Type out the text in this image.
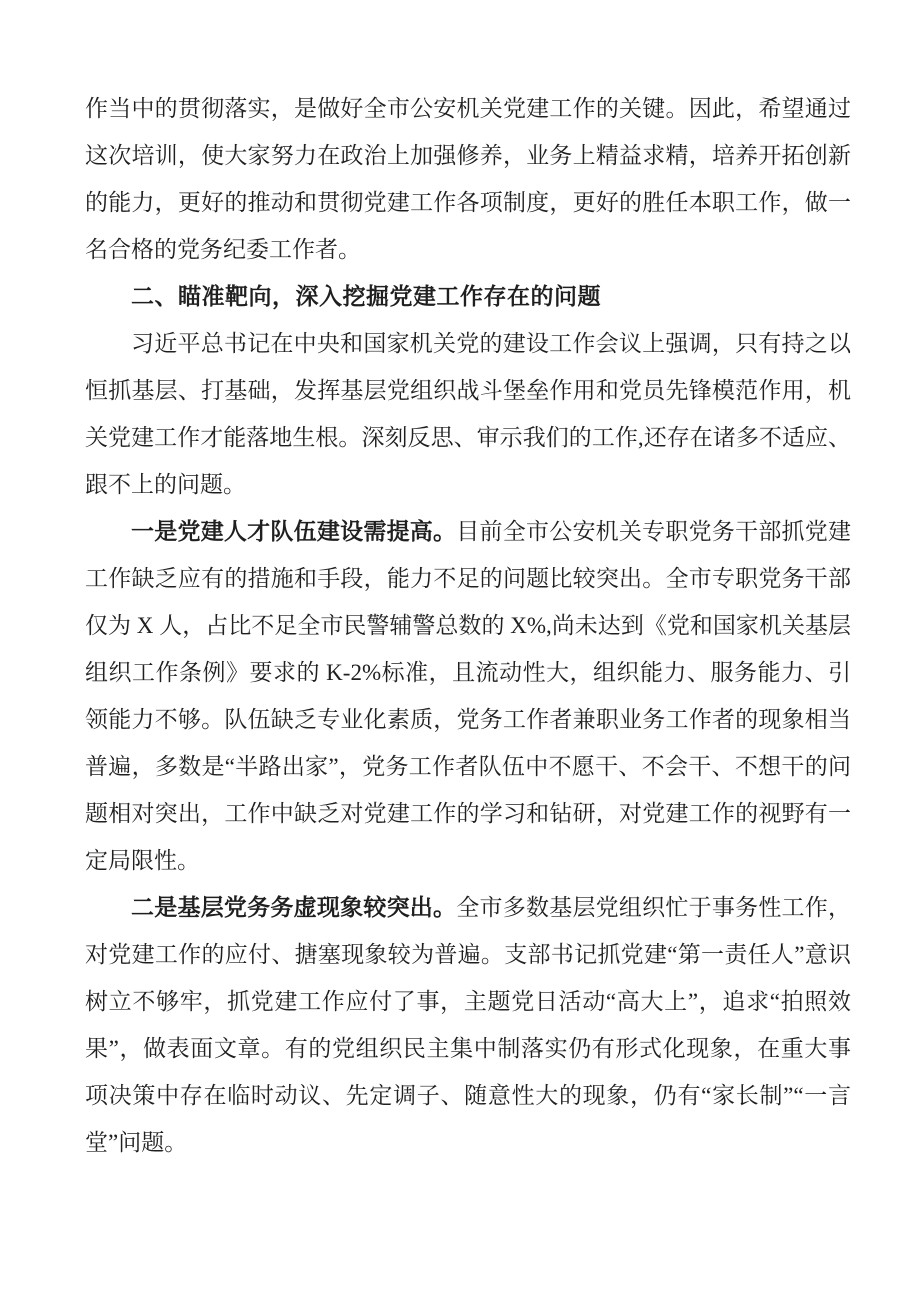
作当中的贯彻落实，是做好全市公安机关党建工作的关键。因此，希望通过这次培训，使大家努力在政治上加强修养，业务上精益求精，培养开拓创新的能力，更好的推动和贯彻党建工作各项制度，更好的胜任本职工作，做一名合格的党务纪委工作者。

二、瞄准靶向，深入挖掘党建工作存在的问题

习近平总书记在中央和国家机关党的建设工作会议上强调，只有持之以恒抓基层、打基础，发挥基层党组织战斗堡垒作用和党员先锋模范作用，机关党建工作才能落地生根。深刻反思、审示我们的工作,还存在诸多不适应、跟不上的问题。

一是党建人才队伍建设需提高。目前全市公安机关专职党务干部抓党建工作缺乏应有的措施和手段，能力不足的问题比较突出。全市专职党务干部仅为 X 人，占比不足全市民警辅警总数的 X%,尚未达到《党和国家机关基层组织工作条例》要求的 K-2%标准，且流动性大，组织能力、服务能力、引领能力不够。队伍缺乏专业化素质，党务工作者兼职业务工作者的现象相当普遍，多数是“半路出家”，党务工作者队伍中不愿干、不会干、不想干的问题相对突出，工作中缺乏对党建工作的学习和钻研，对党建工作的视野有一定局限性。

二是基层党务务虚现象较突出。全市多数基层党组织忙于事务性工作，对党建工作的应付、搪塞现象较为普遍。支部书记抓党建“第一责任人”意识树立不够牢，抓党建工作应付了事，主题党日活动“高大上”，追求“拍照效果”，做表面文章。有的党组织民主集中制落实仍有形式化现象，在重大事项决策中存在临时动议、先定调子、随意性大的现象，仍有“家长制”“一言堂”问题。
